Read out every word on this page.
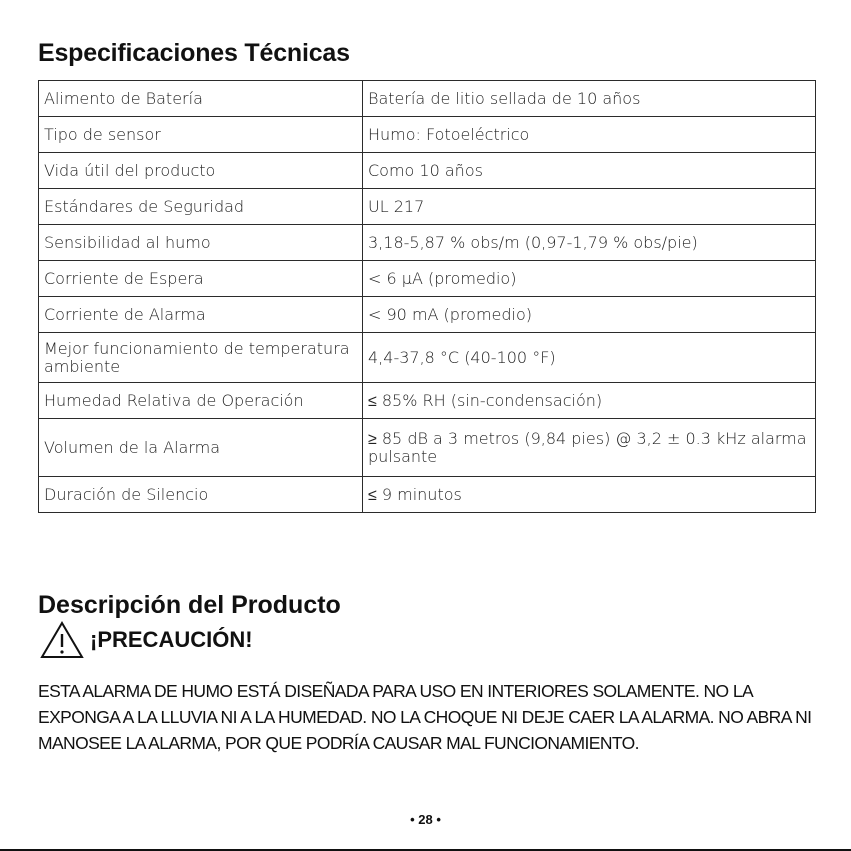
Especificaciones Técnicas
Alimento de Batería	Batería de litio sellada de 10 años
Tipo de sensor	Humo: Fotoeléctrico
Vida útil del producto	Como 10 años
Estándares de Seguridad	UL 217
Sensibilidad al humo	3,18-5,87 % obs/m (0,97-1,79 % obs/pie)
Corriente de Espera	< 6 µA (promedio)
Corriente de Alarma	< 90 mA (promedio)
Mejor funcionamiento de temperatura ambiente	4,4-37,8 °C (40-100 °F)
Humedad Relativa de Operación	≤ 85% RH (sin-condensación)
Volumen de la Alarma	≥ 85 dB a 3 metros (9,84 pies) @ 3,2 ± 0.3 kHz alarma pulsante
Duración de Silencio	≤ 9 minutos
Descripción del Producto
¡PRECAUCIÓN!

ESTA ALARMA DE HUMO ESTÁ DISEÑADA PARA USO EN INTERIORES SOLAMENTE. NO LA EXPONGA A LA LLUVIA NI A LA HUMEDAD. NO LA CHOQUE NI DEJE CAER LA ALARMA. NO ABRA NI MANOSEE LA ALARMA, POR QUE PODRÍA CAUSAR MAL FUNCIONAMIENTO.

• 28 •
